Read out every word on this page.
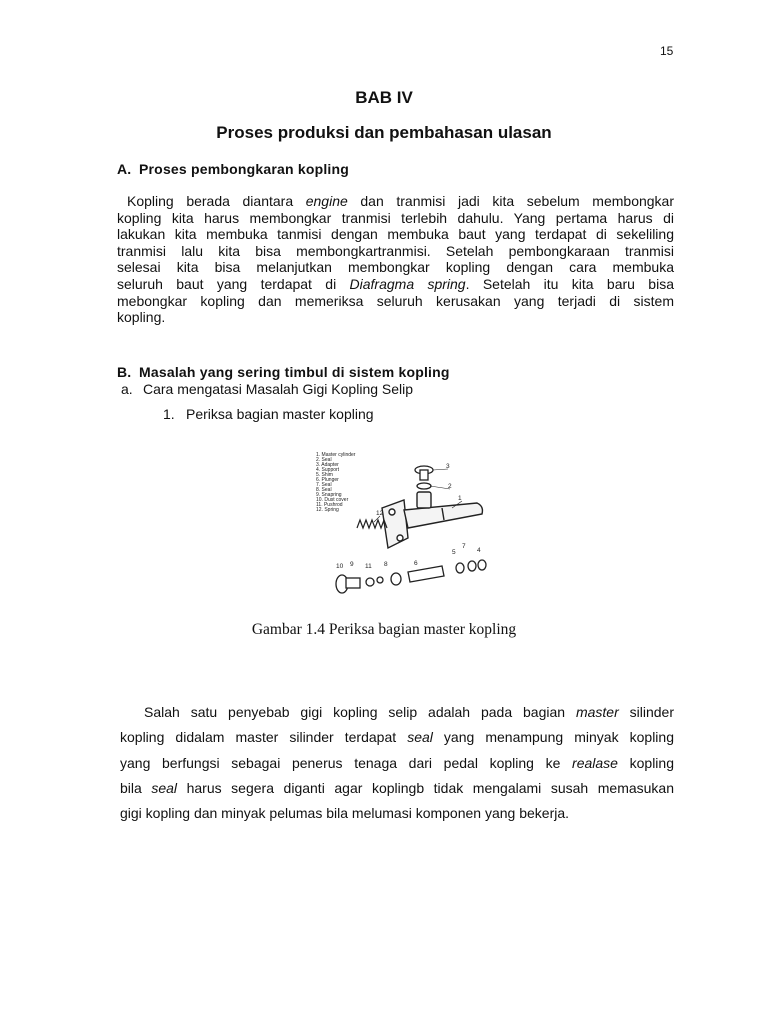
15
BAB IV
Proses produksi dan pembahasan ulasan
A. Proses pembongkaran kopling
Kopling berada diantara engine dan tranmisi jadi kita sebelum membongkar
kopling kita harus membongkar tranmisi terlebih dahulu. Yang pertama harus di
lakukan kita membuka tanmisi dengan membuka baut yang terdapat di sekeliling
tranmisi lalu kita bisa membongkartranmisi. Setelah pembongkaraan tranmisi
selesai kita bisa melanjutkan membongkar kopling dengan cara membuka
seluruh baut yang terdapat di Diafragma spring. Setelah itu kita baru bisa
mebongkar kopling dan memeriksa seluruh kerusakan yang terjadi di sistem
kopling.
B. Masalah yang sering timbul di sistem kopling
a. Cara mengatasi Masalah Gigi Kopling Selip
1. Periksa bagian master kopling
1. Master cylinder
2. Seal
3. Adapter
4. Support
5. Shim
6. Plunger
7. Seal
8. Seal
9. Snapring
10. Dust cover
11. Pushrod
12. Spring
1
2
3
4
5
6
7
8
9
10	11
12
Gambar 1.4 Periksa bagian master kopling
Salah satu penyebab gigi kopling selip adalah pada bagian master silinder
kopling didalam master silinder terdapat seal yang menampung minyak kopling
yang berfungsi sebagai penerus tenaga dari pedal kopling ke realase kopling
bila seal harus segera diganti agar koplingb tidak mengalami susah memasukan
gigi kopling dan minyak pelumas bila melumasi komponen yang bekerja.
